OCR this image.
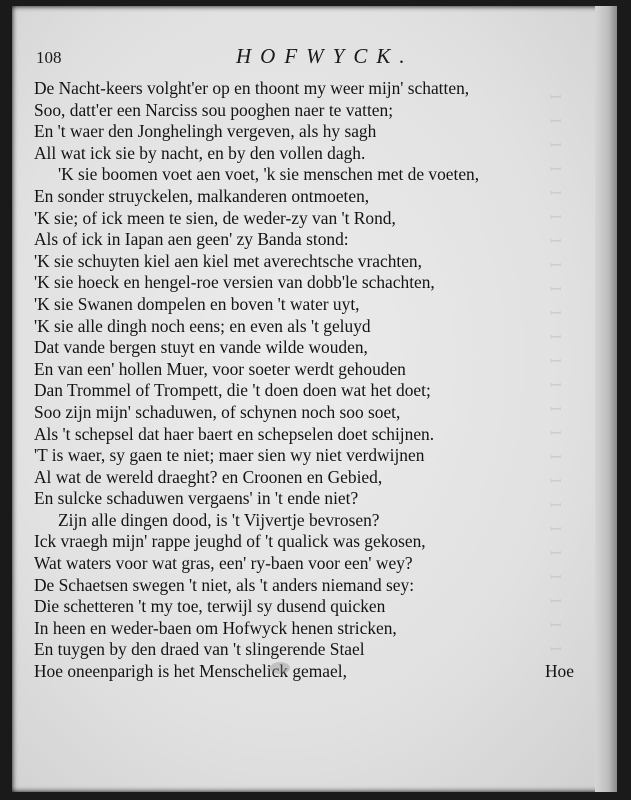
ꟷ
ꟷ
ꟷ
ꟷ
ꟷ
ꟷ
ꟷ
ꟷ
ꟷ
ꟷ
ꟷ
ꟷ
ꟷ
ꟷ
ꟷ
ꟷ
ꟷ
ꟷ
ꟷ
ꟷ
ꟷ
ꟷ
ꟷ
ꟷ
108	HOFWYCK.
De Nacht-keers volght'er op en thoont my weer mijn' schatten,
Soo, datt'er een Narciss sou pooghen naer te vatten;
En 't waer den Jonghelingh vergeven, als hy sagh
All wat ick sie by nacht, en by den vollen dagh.
'K sie boomen voet aen voet, 'k sie menschen met de voeten,
En sonder struyckelen, malkanderen ontmoeten,
'K sie; of ick meen te sien, de weder-zy van 't Rond,
Als of ick in Iapan aen geen' zy Banda stond:
'K sie schuyten kiel aen kiel met averechtsche vrachten,
'K sie hoeck en hengel-roe versien van dobb'le schachten,
'K sie Swanen dompelen en boven 't water uyt,
'K sie alle dingh noch eens; en even als 't geluyd
Dat vande bergen stuyt en vande wilde wouden,
En van een' hollen Muer, voor soeter werdt gehouden
Dan Trommel of Trompett, die 't doen doen wat het doet;
Soo zijn mijn' schaduwen, of schynen noch soo soet,
Als 't schepsel dat haer baert en schepselen doet schijnen.
'T is waer, sy gaen te niet; maer sien wy niet verdwijnen
Al wat de wereld draeght? en Croonen en Gebied,
En sulcke schaduwen vergaens' in 't ende niet?
Zijn alle dingen dood, is 't Vijvertje bevrosen?
Ick vraegh mijn' rappe jeughd of 't qualick was gekosen,
Wat waters voor wat gras, een' ry-baen voor een' wey?
De Schaetsen swegen 't niet, als 't anders niemand sey:
Die schetteren 't my toe, terwijl sy dusend quicken
In heen en weder-baen om Hofwyck henen stricken,
En tuygen by den draed van 't slingerende Stael
Hoe oneenparigh is het Menschelick gemael,	Hoe
